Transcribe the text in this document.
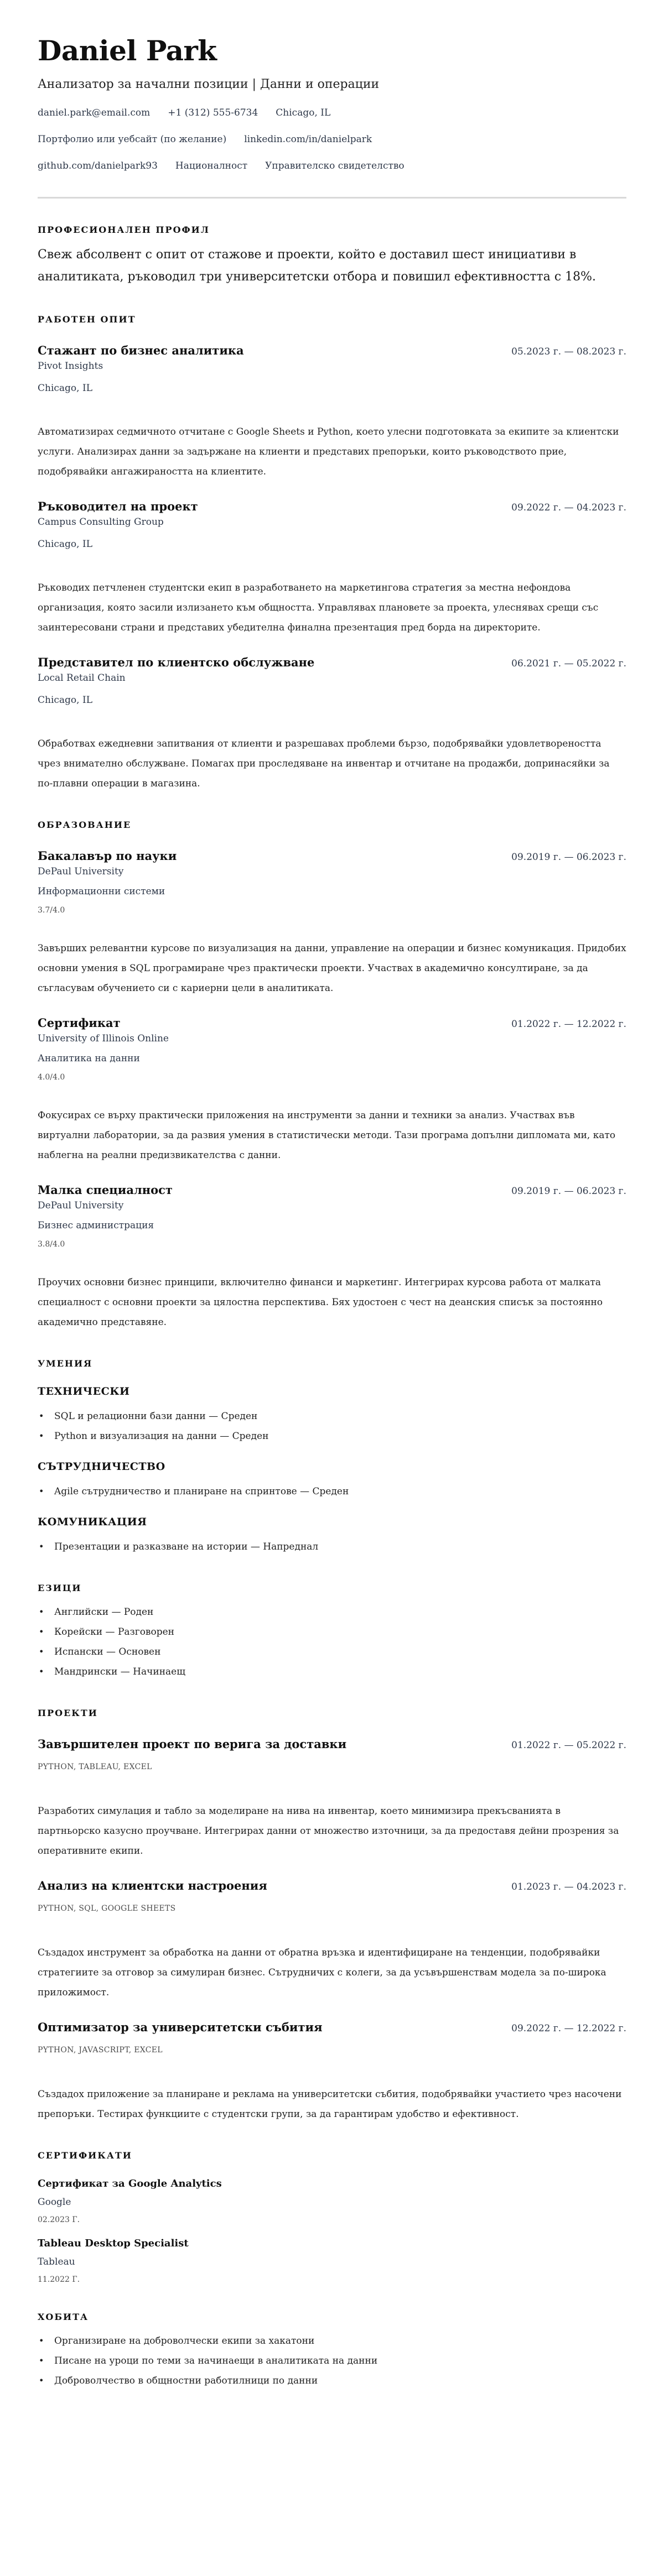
Daniel Park
Анализатор за начални позиции | Данни и операции
daniel.park@email.com +1 (312) 555-6734 Chicago, IL
Портфолио или уебсайт (по желание) linkedin.com/in/danielpark
github.com/danielpark93 Националност Управителско свидетелство
ПРОФЕСИОНАЛЕН ПРОФИЛ

Свеж абсолвент с опит от стажове и проекти, който е доставил шест инициативи в аналитиката, ръководил три университетски отбора и повишил ефективността с 18%.

РАБОТЕН ОПИТ
Стажант по бизнес аналитика	05.2023 г. — 08.2023 г.
Pivot Insights
Chicago, IL

Автоматизирах седмичното отчитане с Google Sheets и Python, което улесни подготовката за екипите за клиентски услуги. Анализирах данни за задържане на клиенти и представих препоръки, които ръководството прие, подобрявайки ангажираността на клиентите.

Ръководител на проект	09.2022 г. — 04.2023 г.
Campus Consulting Group
Chicago, IL

Ръководих петчленен студентски екип в разработването на маркетингова стратегия за местна нефондова организация, която засили излизането към общността. Управлявах плановете за проекта, улеснявах срещи със заинтересовани страни и представих убедителна финална презентация пред борда на директорите.

Представител по клиентско обслужване	06.2021 г. — 05.2022 г.
Local Retail Chain
Chicago, IL

Обработвах ежедневни запитвания от клиенти и разрешавах проблеми бързо, подобрявайки удовлетвореността чрез внимателно обслужване. Помагах при проследяване на инвентар и отчитане на продажби, допринасяйки за по-плавни операции в магазина.

ОБРАЗОВАНИЕ
Бакалавър по науки	09.2019 г. — 06.2023 г.
DePaul University
Информационни системи
3.7/4.0

Завърших релевантни курсове по визуализация на данни, управление на операции и бизнес комуникация. Придобих основни умения в SQL програмиране чрез практически проекти. Участвах в академично консултиране, за да съгласувам обучението си с кариерни цели в аналитиката.

Сертификат	01.2022 г. — 12.2022 г.
University of Illinois Online
Аналитика на данни
4.0/4.0

Фокусирах се върху практически приложения на инструменти за данни и техники за анализ. Участвах във виртуални лаборатории, за да развия умения в статистически методи. Тази програма допълни дипломата ми, като наблегна на реални предизвикателства с данни.

Малка специалност	09.2019 г. — 06.2023 г.
DePaul University
Бизнес администрация
3.8/4.0

Проучих основни бизнес принципи, включително финанси и маркетинг. Интегрирах курсова работа от малката специалност с основни проекти за цялостна перспектива. Бях удостоен с чест на деанския списък за постоянно академично представяне.

УМЕНИЯ
ТЕХНИЧЕСКИ
• SQL и релационни бази данни — Среден
• Python и визуализация на данни — Среден
СЪТРУДНИЧЕСТВО
• Agile сътрудничество и планиране на спринтове — Среден
КОМУНИКАЦИЯ
• Презентации и разказване на истории — Напреднал
ЕЗИЦИ
• Английски — Роден
• Корейски — Разговорен
• Испански — Основен
• Мандрински — Начинаещ
ПРОЕКТИ
Завършителен проект по верига за доставки	01.2022 г. — 05.2022 г.
PYTHON, TABLEAU, EXCEL

Разработих симулация и табло за моделиране на нива на инвентар, което минимизира прекъсванията в партньорско казусно проучване. Интегрирах данни от множество източници, за да предоставя дейни прозрения за оперативните екипи.

Анализ на клиентски настроения	01.2023 г. — 04.2023 г.
PYTHON, SQL, GOOGLE SHEETS

Създадох инструмент за обработка на данни от обратна връзка и идентифициране на тенденции, подобрявайки стратегиите за отговор за симулиран бизнес. Сътрудничих с колеги, за да усъвършенствам модела за по-широка приложимост.

Оптимизатор за университетски събития	09.2022 г. — 12.2022 г.
PYTHON, JAVASCRIPT, EXCEL

Създадох приложение за планиране и реклама на университетски събития, подобрявайки участието чрез насочени препоръки. Тестирах функциите с студентски групи, за да гарантирам удобство и ефективност.

СЕРТИФИКАТИ
Сертификат за Google Analytics
Google
02.2023 Г.
Tableau Desktop Specialist
Tableau
11.2022 Г.
ХОБИТА
• Организиране на доброволчески екипи за хакатони
• Писане на уроци по теми за начинаещи в аналитиката на данни
• Доброволчество в общностни работилници по данни
